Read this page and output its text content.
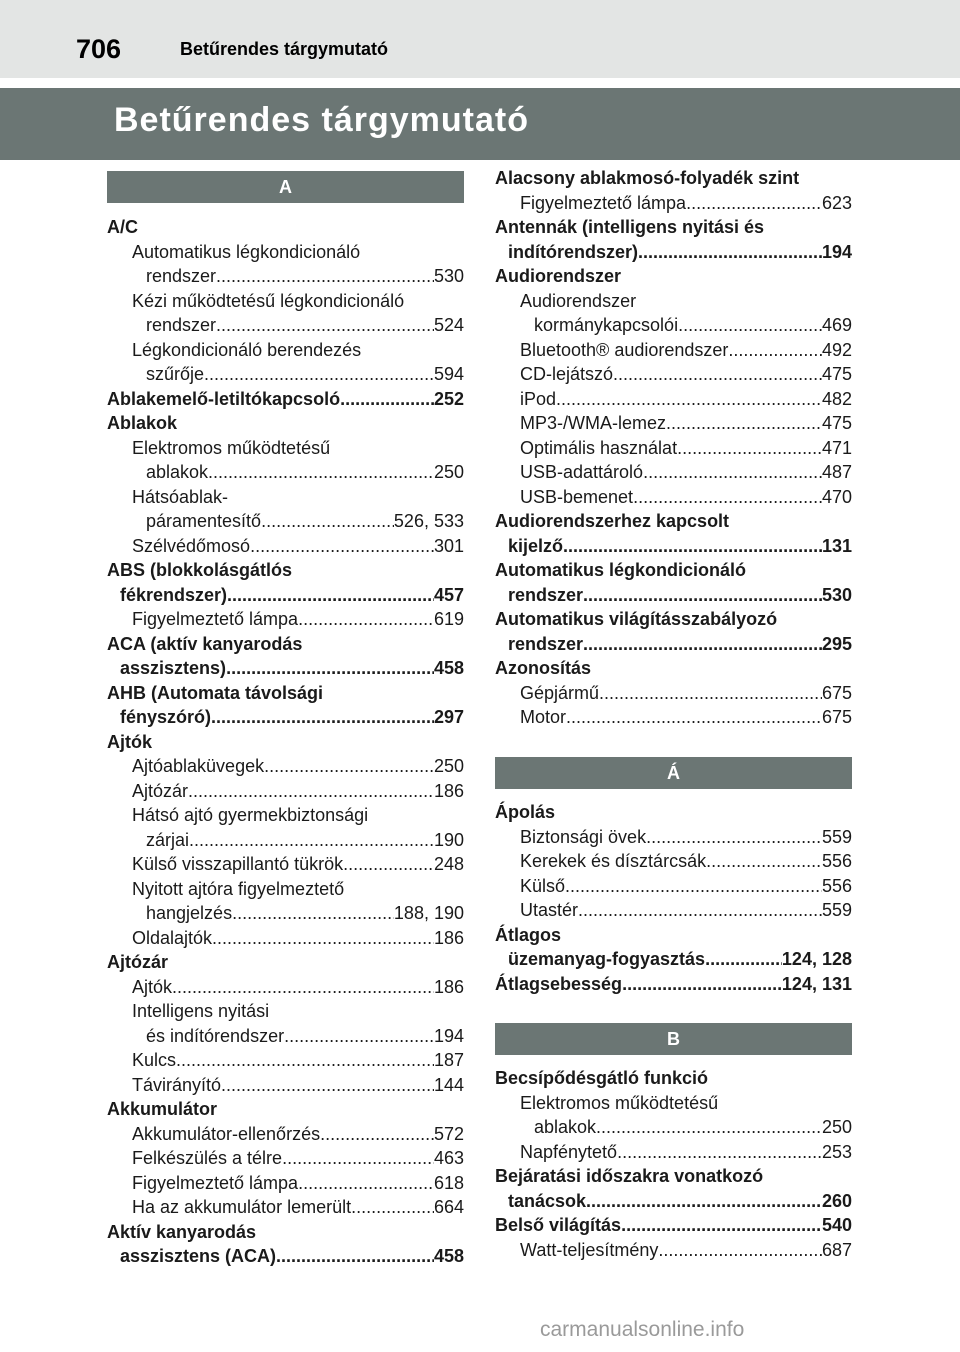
706	Betűrendes tárgymutató
Betűrendes tárgymutató
A
A/C
Automatikus légkondicionáló
rendszer .....	530
Kézi működtetésű légkondicionáló
rendszer .....	524
Légkondicionáló berendezés
szűrője .....	594
Ablakemelő-letiltókapcsoló .....	252
Ablakok
Elektromos működtetésű
ablakok .....	250
Hátsóablak-
páramentesítő .....	526, 533
Szélvédőmosó .....	301
ABS (blokkolásgátlós
fékrendszer) .....	457
Figyelmeztető lámpa .....	619
ACA (aktív kanyarodás
asszisztens) .....	458
AHB (Automata távolsági
fényszóró) .....	297
Ajtók
Ajtóablaküvegek .....	250
Ajtózár .....	186
Hátsó ajtó gyermekbiztonsági
zárjai .....	190
Külső visszapillantó tükrök .....	248
Nyitott ajtóra figyelmeztető
hangjelzés .....	188, 190
Oldalajtók .....	186
Ajtózár
Ajtók .....	186
Intelligens nyitási
és indítórendszer .....	194
Kulcs .....	187
Távirányító .....	144
Akkumulátor
Akkumulátor-ellenőrzés .....	572
Felkészülés a télre .....	463
Figyelmeztető lámpa .....	618
Ha az akkumulátor lemerült .....	664
Aktív kanyarodás
asszisztens (ACA) .....	458
Alacsony ablakmosó-folyadék szint
Figyelmeztető lámpa .....	623
Antennák (intelligens nyitási és
indítórendszer) .....	194
Audiorendszer
Audiorendszer
kormánykapcsolói .....	469
Bluetooth® audiorendszer .....	492
CD-lejátszó .....	475
iPod .....	482
MP3-/WMA-lemez .....	475
Optimális használat .....	471
USB-adattároló .....	487
USB-bemenet .....	470
Audiorendszerhez kapcsolt
kijelző .....	131
Automatikus légkondicionáló
rendszer .....	530
Automatikus világításszabályozó
rendszer .....	295
Azonosítás
Gépjármű .....	675
Motor .....	675
Á
Ápolás
Biztonsági övek .....	559
Kerekek és dísztárcsák .....	556
Külső .....	556
Utastér .....	559
Átlagos
üzemanyag-fogyasztás .....	124, 128
Átlagsebesség .....	124, 131
B
Becsípődésgátló funkció
Elektromos működtetésű
ablakok .....	250
Napfénytető .....	253
Bejáratási időszakra vonatkozó
tanácsok .....	260
Belső világítás .....	540
Watt-teljesítmény .....	687
carmanualsonline.info
